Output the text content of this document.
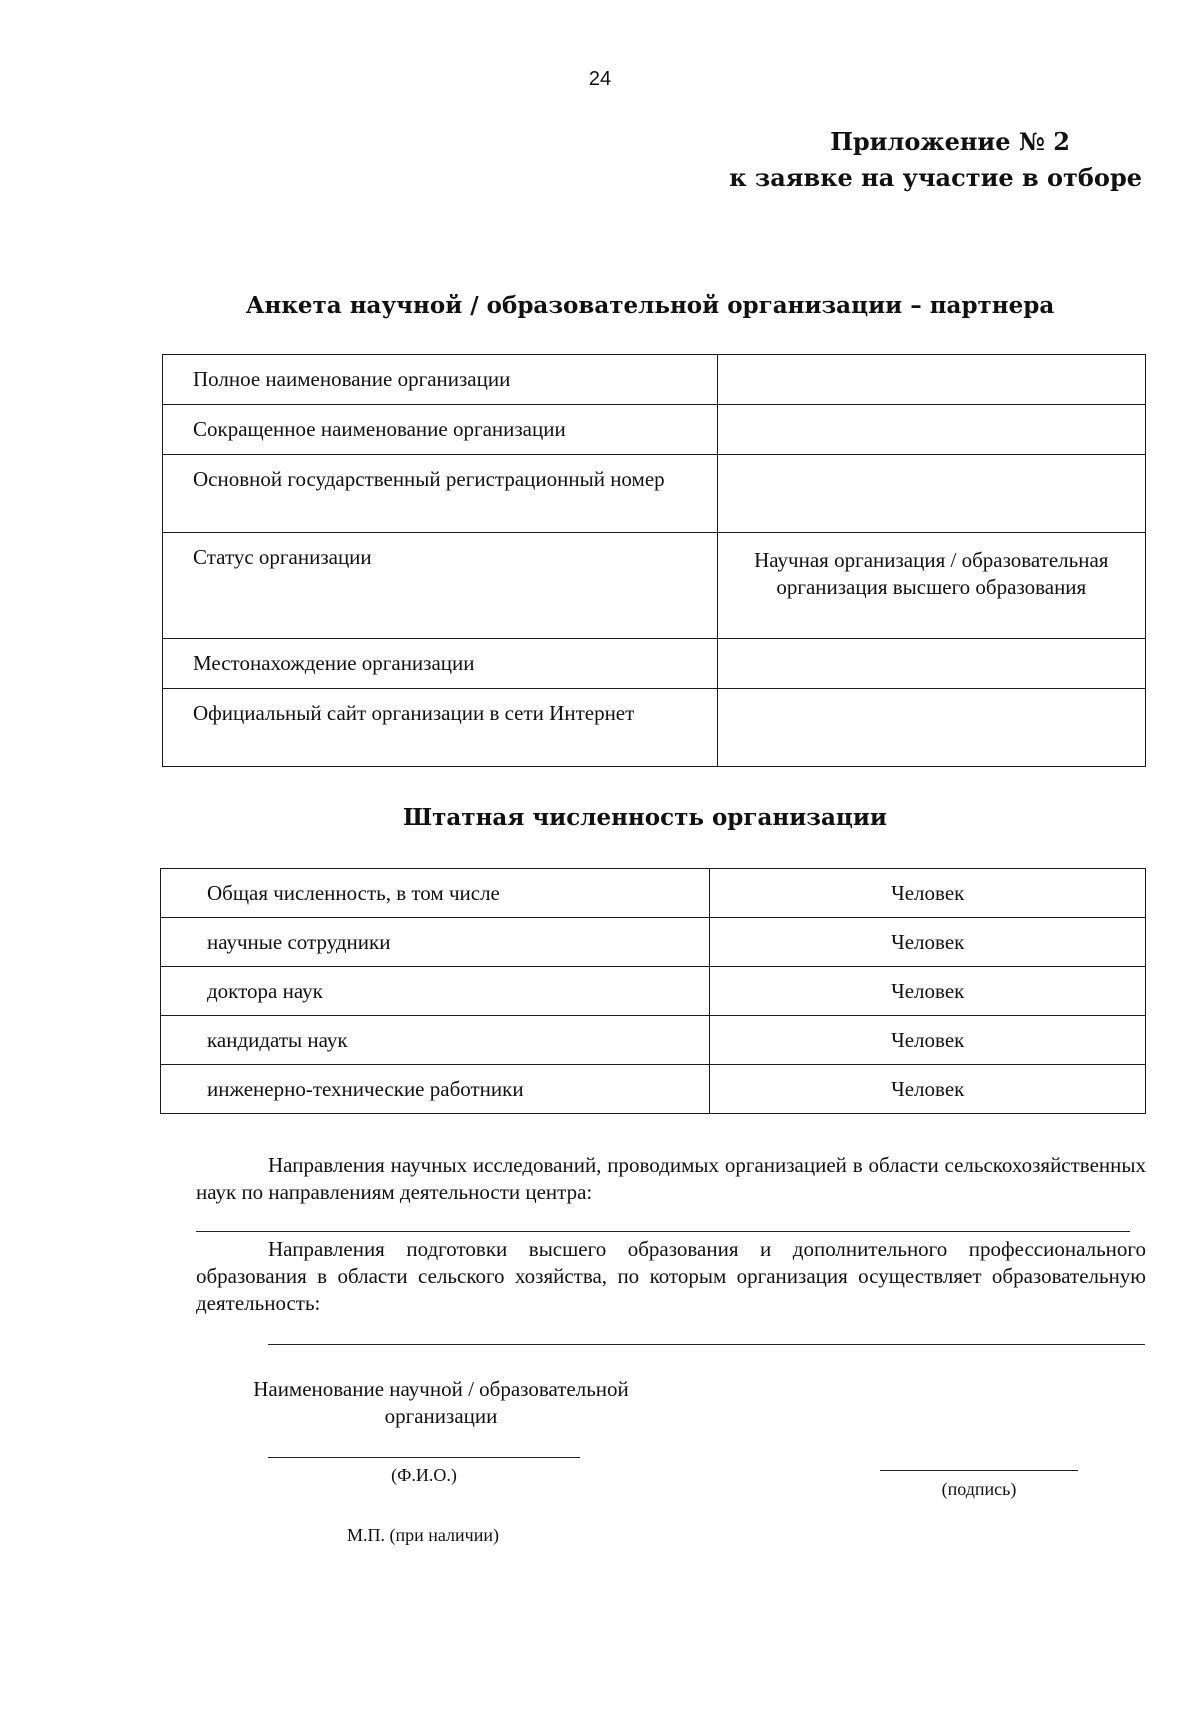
24
Приложение № 2
к заявке на участие в отборе
Анкета научной / образовательной организации – партнера
Полное наименование организации	
Сокращенное наименование организации	
Основной государственный регистрационный номер	
Статус организации	Научная организация / образовательная организация высшего образования
Местонахождение организации	
Официальный сайт организации в сети Интернет	
Штатная численность организации
Общая численность, в том числе	Человек
научные сотрудники	Человек
доктора наук	Человек
кандидаты наук	Человек
инженерно-технические работники	Человек
Направления научных исследований, проводимых организацией в области сельскохозяйственных наук по направлениям деятельности центра:
Направления подготовки высшего образования и дополнительного профессионального образования в области сельского хозяйства, по которым организация осуществляет образовательную деятельность:
Наименование научной / образовательной организации
(Ф.И.О.)
(подпись)
М.П. (при наличии)
